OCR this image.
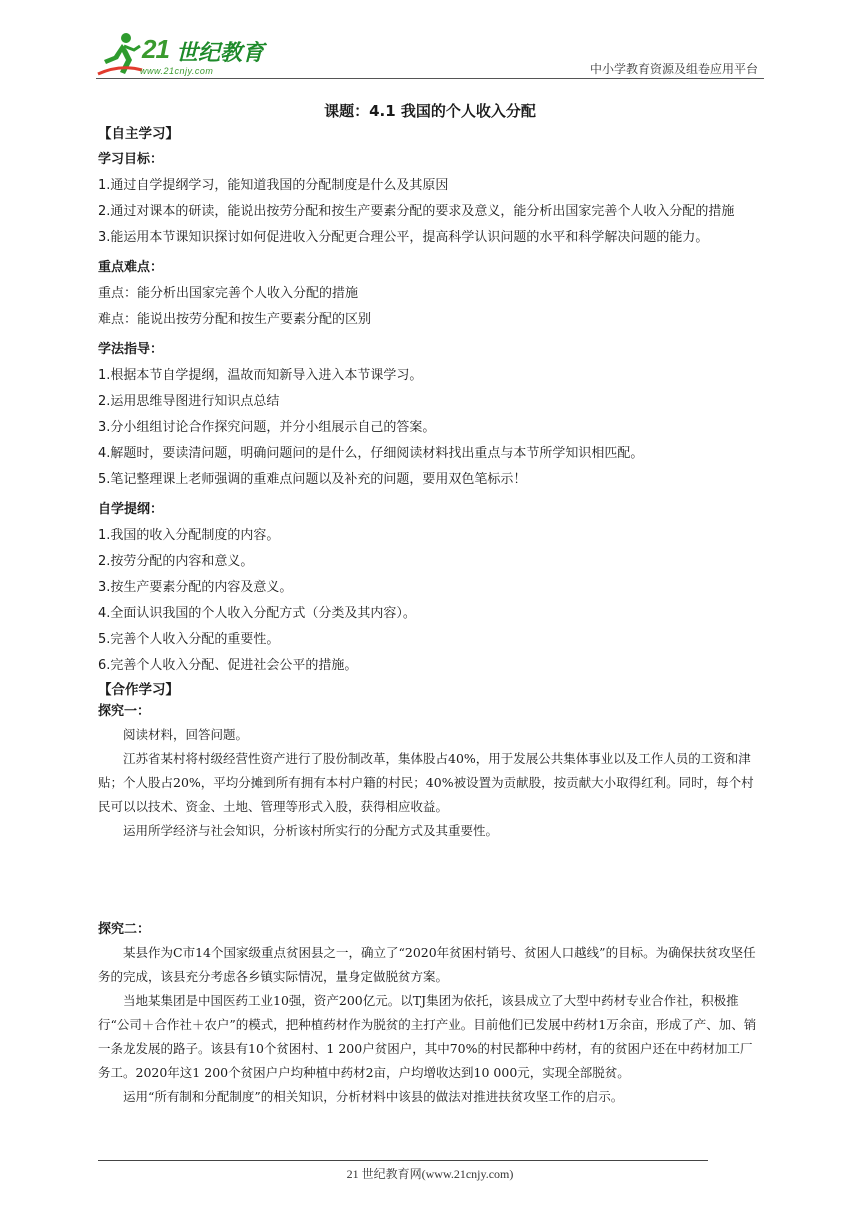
21 世纪教育
www.21cnjy.com	中小学教育资源及组卷应用平台
课题：4.1 我国的个人收入分配

【自主学习】

学习目标：

1.通过自学提纲学习，能知道我国的分配制度是什么及其原因

2.通过对课本的研读，能说出按劳分配和按生产要素分配的要求及意义，能分析出国家完善个人收入分配的措施

3.能运用本节课知识探讨如何促进收入分配更合理公平，提高科学认识问题的水平和科学解决问题的能力。

重点难点：

重点：能分析出国家完善个人收入分配的措施

难点：能说出按劳分配和按生产要素分配的区别

学法指导：

1.根据本节自学提纲，温故而知新导入进入本节课学习。

2.运用思维导图进行知识点总结

3.分小组组讨论合作探究问题，并分小组展示自己的答案。

4.解题时，要读清问题，明确问题问的是什么，仔细阅读材料找出重点与本节所学知识相匹配。

5.笔记整理课上老师强调的重难点问题以及补充的问题，要用双色笔标示！

自学提纲：

1.我国的收入分配制度的内容。

2.按劳分配的内容和意义。

3.按生产要素分配的内容及意义。

4.全面认识我国的个人收入分配方式（分类及其内容）。

5.完善个人收入分配的重要性。

6.完善个人收入分配、促进社会公平的措施。

【合作学习】

探究一：

阅读材料，回答问题。

江苏省某村将村级经营性资产进行了股份制改革，集体股占40%，用于发展公共集体事业以及工作人员的工资和津贴；个人股占20%，平均分摊到所有拥有本村户籍的村民；40%被设置为贡献股，按贡献大小取得红利。同时，每个村民可以以技术、资金、土地、管理等形式入股，获得相应收益。

运用所学经济与社会知识，分析该村所实行的分配方式及其重要性。

探究二：

某县作为C市14个国家级重点贫困县之一，确立了“2020年贫困村销号、贫困人口越线”的目标。为确保扶贫攻坚任务的完成，该县充分考虑各乡镇实际情况，量身定做脱贫方案。

当地某集团是中国医药工业10强，资产200亿元。以TJ集团为依托，该县成立了大型中药材专业合作社，积极推行“公司＋合作社＋农户”的模式，把种植药材作为脱贫的主打产业。目前他们已发展中药材1万余亩，形成了产、加、销一条龙发展的路子。该县有10个贫困村、1 200户贫困户，其中70%的村民都种中药材，有的贫困户还在中药材加工厂务工。2020年这1 200个贫困户户均种植中药材2亩，户均增收达到10 000元，实现全部脱贫。

运用“所有制和分配制度”的相关知识，分析材料中该县的做法对推进扶贫攻坚工作的启示。

21 世纪教育网(www.21cnjy.com)
